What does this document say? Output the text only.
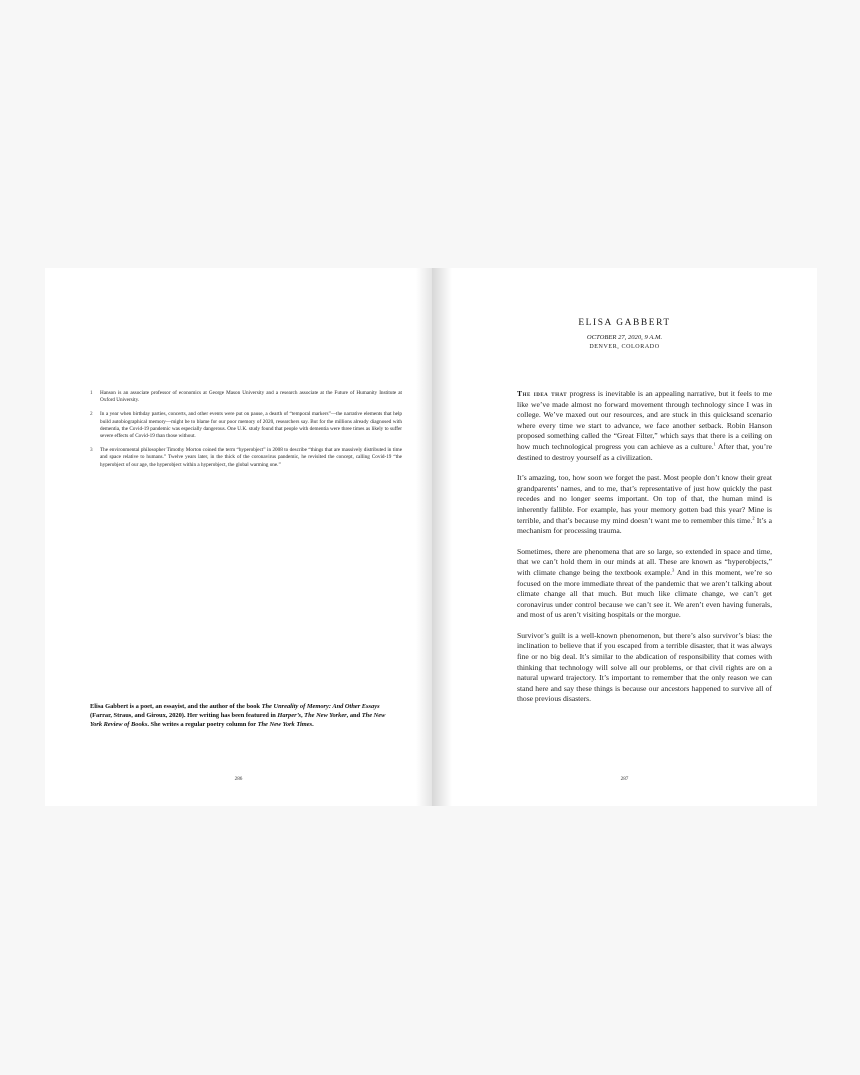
1	Hanson is an associate professor of economics at George Mason University and a research associate at the Future of Humanity Institute at Oxford University.
2	In a year when birthday parties, concerts, and other events were put on pause, a dearth of “temporal markers”—the narrative elements that help build autobiographical memory—might be to blame for our poor memory of 2020, researchers say. But for the millions already diagnosed with dementia, the Covid-19 pandemic was especially dangerous. One U.K. study found that people with dementia were three times as likely to suffer severe effects of Covid-19 than those without.
3	The environmental philosopher Timothy Morton coined the term “hyperobject” in 2008 to describe “things that are massively distributed in time and space relative to humans.” Twelve years later, in the thick of the coronavirus pandemic, he revisited the concept, calling Covid-19 “the hyperobject of our age, the hyperobject within a hyperobject, the global warming one.”

Elisa Gabbert is a poet, an essayist, and the author of the book The Unreality of Memory: And Other Essays (Farrar, Straus, and Giroux, 2020). Her writing has been featured in Harper’s, The New Yorker, and The New York Review of Books. She writes a regular poetry column for The New York Times.

286
ELISA GABBERT
OCTOBER 27, 2020, 9 A.M.
DENVER, COLORADO

The idea that progress is inevitable is an appealing narrative, but it feels to me like we’ve made almost no forward movement through technology since I was in college. We’ve maxed out our resources, and are stuck in this quicksand scenario where every time we start to advance, we face another setback. Robin Hanson proposed something called the “Great Filter,” which says that there is a ceiling on how much technological progress you can achieve as a culture.$^1$ After that, you’re destined to destroy yourself as a civilization.

It’s amazing, too, how soon we forget the past. Most people don’t know their great grandparents’ names, and to me, that’s representative of just how quickly the past recedes and no longer seems important. On top of that, the human mind is inherently fallible. For example, has your memory gotten bad this year? Mine is terrible, and that’s because my mind doesn’t want me to remember this time.$^2$ It’s a mechanism for processing trauma.

Sometimes, there are phenomena that are so large, so extended in space and time, that we can’t hold them in our minds at all. These are known as “hyperobjects,” with climate change being the textbook example.$^3$ And in this moment, we’re so focused on the more immediate threat of the pandemic that we aren’t talking about climate change all that much. But much like climate change, we can’t get coronavirus under control because we can’t see it. We aren’t even having funerals, and most of us aren’t visiting hospitals or the morgue.

Survivor’s guilt is a well-known phenomenon, but there’s also survivor’s bias: the inclination to believe that if you escaped from a terrible disaster, that it was always fine or no big deal. It’s similar to the abdication of responsibility that comes with thinking that technology will solve all our problems, or that civil rights are on a natural upward trajectory. It’s important to remember that the only reason we can stand here and say these things is because our ancestors happened to survive all of those previous disasters.

287
